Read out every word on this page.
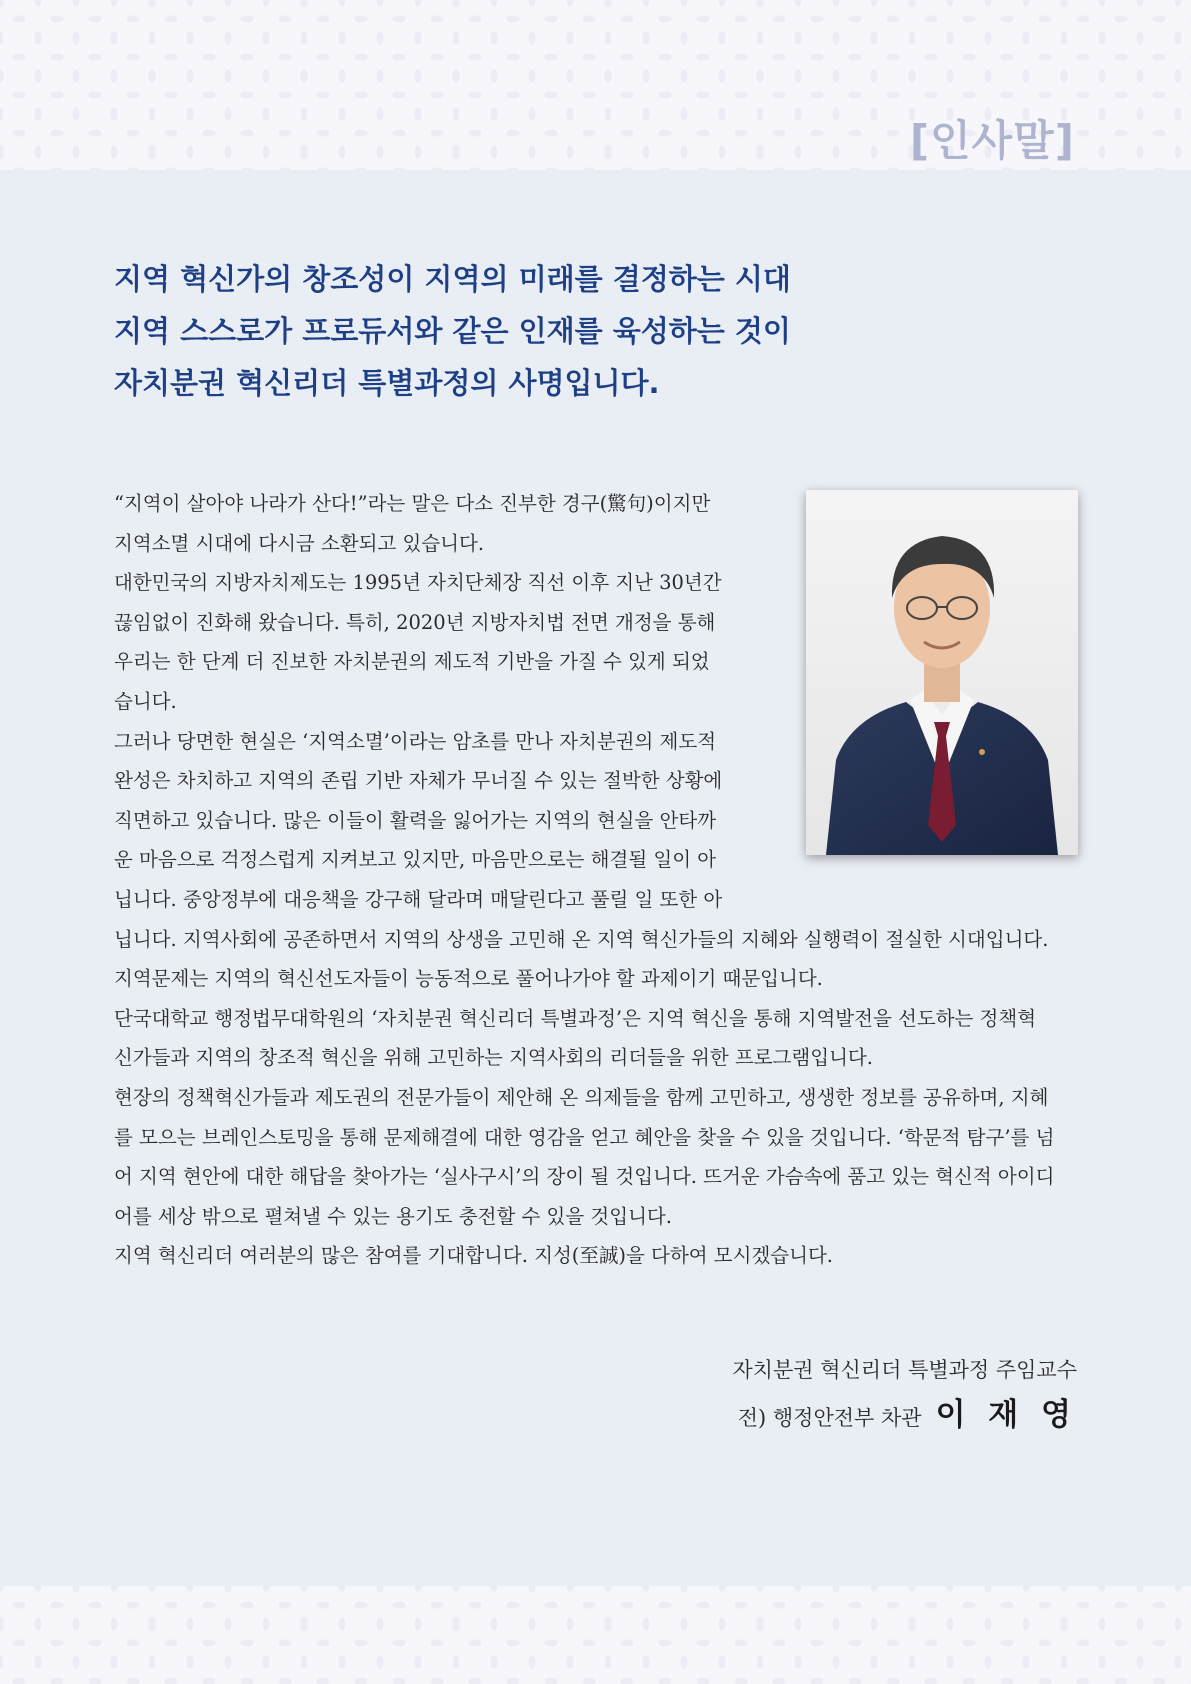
[인사말]
지역 혁신가의 창조성이 지역의 미래를 결정하는 시대
지역 스스로가 프로듀서와 같은 인재를 육성하는 것이
자치분권 혁신리더 특별과정의 사명입니다.

“지역이 살아야 나라가 산다!”라는 말은 다소 진부한 경구(驚句)이지만

지역소멸 시대에 다시금 소환되고 있습니다.

대한민국의 지방자치제도는 1995년 자치단체장 직선 이후 지난 30년간

끊임없이 진화해 왔습니다. 특히, 2020년 지방자치법 전면 개정을 통해

우리는 한 단계 더 진보한 자치분권의 제도적 기반을 가질 수 있게 되었

습니다.

그러나 당면한 현실은 ‘지역소멸’이라는 암초를 만나 자치분권의 제도적

완성은 차치하고 지역의 존립 기반 자체가 무너질 수 있는 절박한 상황에

직면하고 있습니다. 많은 이들이 활력을 잃어가는 지역의 현실을 안타까

운 마음으로 걱정스럽게 지켜보고 있지만, 마음만으로는 해결될 일이 아

닙니다. 중앙정부에 대응책을 강구해 달라며 매달린다고 풀릴 일 또한 아

닙니다. 지역사회에 공존하면서 지역의 상생을 고민해 온 지역 혁신가들의 지혜와 실행력이 절실한 시대입니다.

지역문제는 지역의 혁신선도자들이 능동적으로 풀어나가야 할 과제이기 때문입니다.

단국대학교 행정법무대학원의 ‘자치분권 혁신리더 특별과정’은 지역 혁신을 통해 지역발전을 선도하는 정책혁

신가들과 지역의 창조적 혁신을 위해 고민하는 지역사회의 리더들을 위한 프로그램입니다.

현장의 정책혁신가들과 제도권의 전문가들이 제안해 온 의제들을 함께 고민하고, 생생한 정보를 공유하며, 지혜

를 모으는 브레인스토밍을 통해 문제해결에 대한 영감을 얻고 혜안을 찾을 수 있을 것입니다. ‘학문적 탐구’를 넘

어 지역 현안에 대한 해답을 찾아가는 ‘실사구시’의 장이 될 것입니다. 뜨거운 가슴속에 품고 있는 혁신적 아이디

어를 세상 밖으로 펼쳐낼 수 있는 용기도 충전할 수 있을 것입니다.

지역 혁신리더 여러분의 많은 참여를 기대합니다. 지성(至誠)을 다하여 모시겠습니다.

자치분권 혁신리더 특별과정 주임교수

전) 행정안전부 차관 이 재 영
